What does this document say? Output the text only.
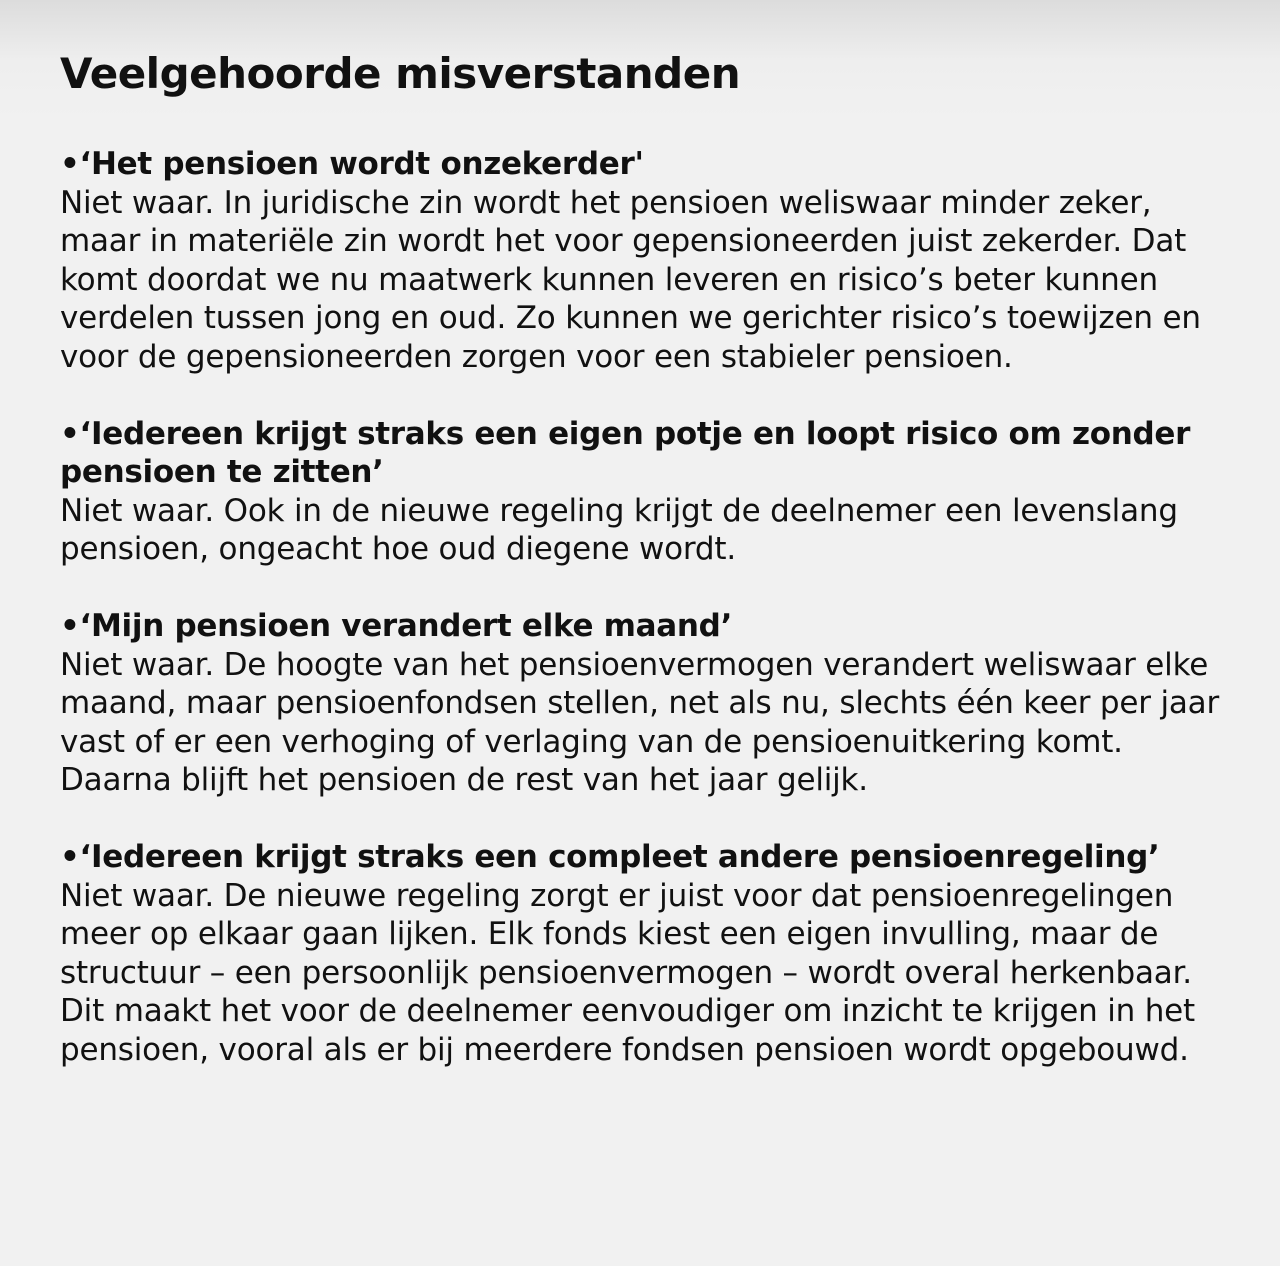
Veelgehoorde misverstanden

•‘Het pensioen wordt onzekerder'

Niet waar. In juridische zin wordt het pensioen weliswaar minder zeker, maar in materiële zin wordt het voor gepensioneerden juist zekerder. Dat komt doordat we nu maatwerk kunnen leveren en risico’s beter kunnen verdelen tussen jong en oud. Zo kunnen we gerichter risico’s toewijzen en voor de gepensioneerden zorgen voor een stabieler pensioen.

•‘Iedereen krijgt straks een eigen potje en loopt risico om zonder pensioen te zitten’

Niet waar. Ook in de nieuwe regeling krijgt de deelnemer een levenslang pensioen, ongeacht hoe oud diegene wordt.

•‘Mijn pensioen verandert elke maand’

Niet waar. De hoogte van het pensioenvermogen verandert weliswaar elke maand, maar pensioenfondsen stellen, net als nu, slechts één keer per jaar vast of er een verhoging of verlaging van de pensioenuitkering komt. Daarna blijft het pensioen de rest van het jaar gelijk.

•‘Iedereen krijgt straks een compleet andere pensioenregeling’

Niet waar. De nieuwe regeling zorgt er juist voor dat pensioenregelingen meer op elkaar gaan lijken. Elk fonds kiest een eigen invulling, maar de structuur – een persoonlijk pensioenvermogen – wordt overal herkenbaar. Dit maakt het voor de deelnemer eenvoudiger om inzicht te krijgen in het pensioen, vooral als er bij meerdere fondsen pensioen wordt opgebouwd.
